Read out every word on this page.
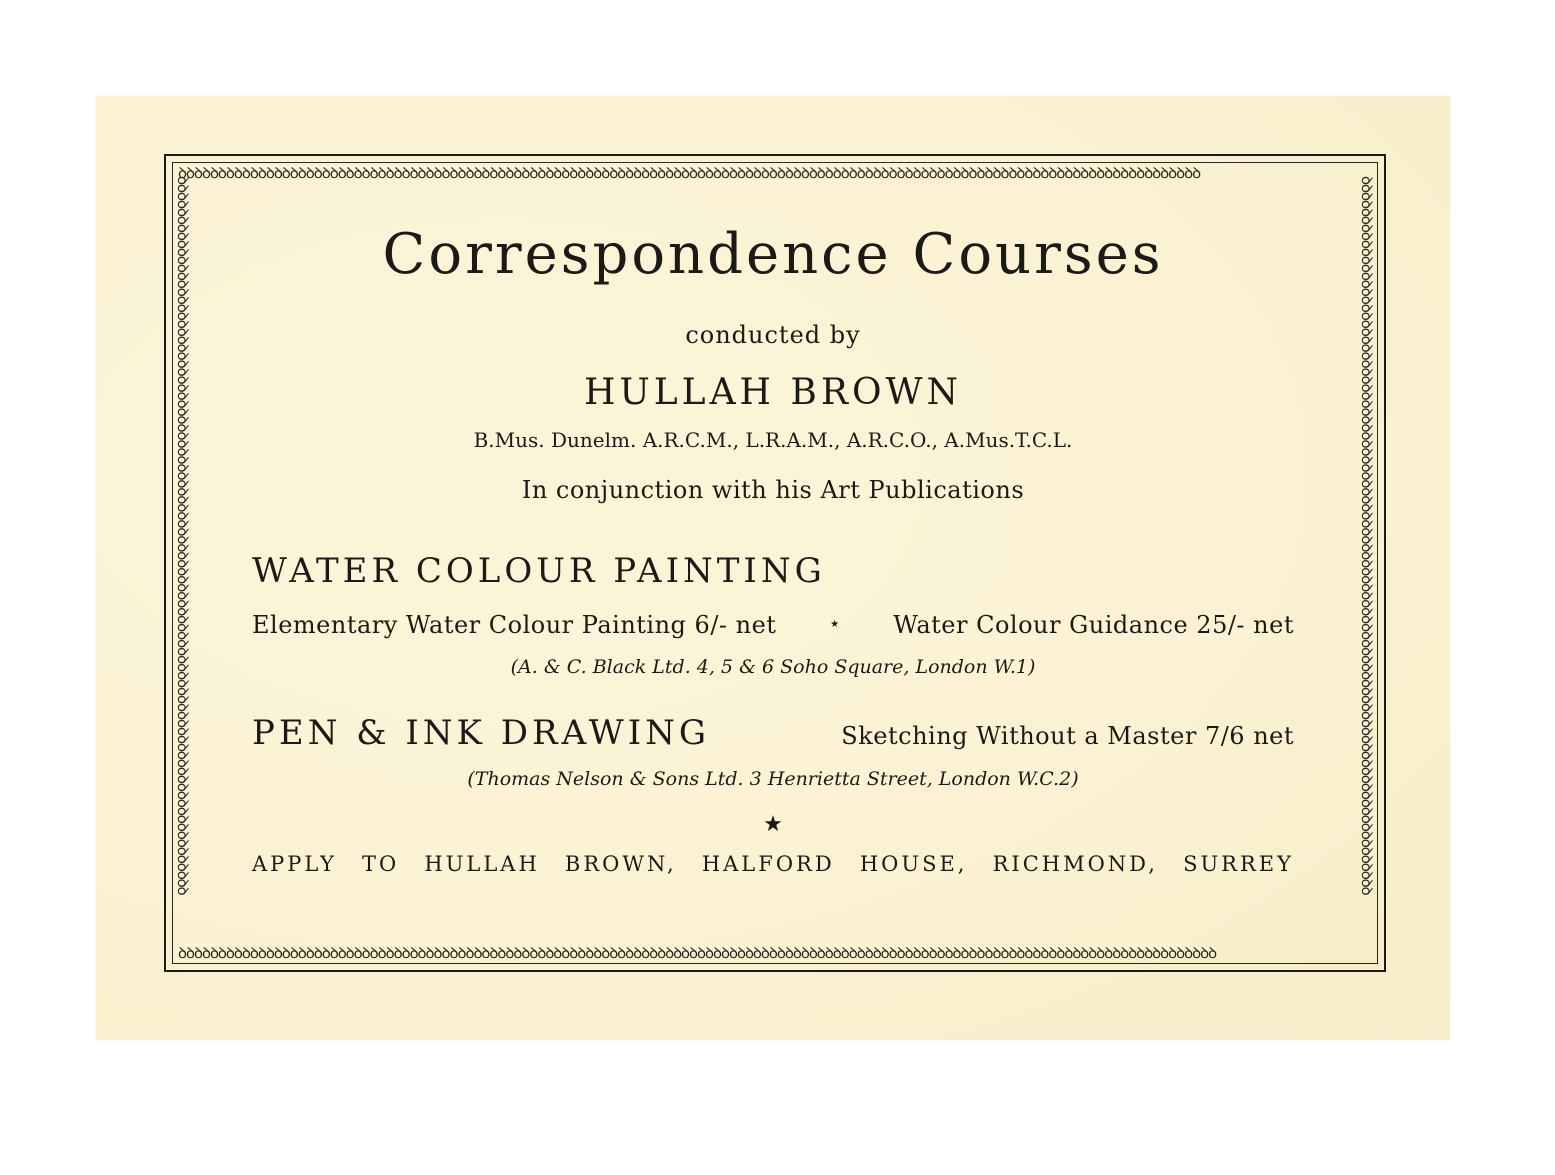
ꝺꝺꝺꝺꝺꝺꝺꝺꝺꝺꝺꝺꝺꝺꝺꝺꝺꝺꝺꝺꝺꝺꝺꝺꝺꝺꝺꝺꝺꝺꝺꝺꝺꝺꝺꝺꝺꝺꝺꝺꝺꝺꝺꝺꝺꝺꝺꝺꝺꝺꝺꝺꝺꝺꝺꝺꝺꝺꝺꝺꝺꝺꝺꝺꝺꝺꝺꝺꝺꝺꝺꝺꝺꝺꝺꝺꝺꝺꝺꝺꝺꝺꝺꝺꝺꝺꝺꝺꝺꝺꝺꝺꝺꝺꝺꝺꝺꝺꝺꝺꝺꝺꝺꝺꝺꝺꝺꝺꝺꝺꝺꝺꝺꝺꝺꝺꝺꝺꝺꝺꝺꝺꝺꝺꝺꝺꝺꝺ
ꝺꝺꝺꝺꝺꝺꝺꝺꝺꝺꝺꝺꝺꝺꝺꝺꝺꝺꝺꝺꝺꝺꝺꝺꝺꝺꝺꝺꝺꝺꝺꝺꝺꝺꝺꝺꝺꝺꝺꝺꝺꝺꝺꝺꝺꝺꝺꝺꝺꝺꝺꝺꝺꝺꝺꝺꝺꝺꝺꝺꝺꝺꝺꝺꝺꝺꝺꝺꝺꝺꝺꝺꝺꝺꝺꝺꝺꝺꝺꝺꝺꝺꝺꝺꝺꝺꝺꝺꝺꝺꝺꝺꝺꝺꝺꝺꝺꝺꝺꝺꝺꝺꝺꝺꝺꝺꝺꝺꝺꝺꝺꝺꝺꝺꝺꝺꝺꝺꝺꝺꝺꝺꝺꝺꝺꝺꝺꝺꝺꝺ
ꝺꝺꝺꝺꝺꝺꝺꝺꝺꝺꝺꝺꝺꝺꝺꝺꝺꝺꝺꝺꝺꝺꝺꝺꝺꝺꝺꝺꝺꝺꝺꝺꝺꝺꝺꝺꝺꝺꝺꝺꝺꝺꝺꝺꝺꝺꝺꝺꝺꝺꝺꝺꝺꝺꝺꝺꝺꝺꝺꝺꝺꝺꝺꝺꝺꝺꝺꝺꝺꝺꝺꝺꝺꝺꝺꝺꝺꝺꝺꝺꝺꝺꝺꝺꝺꝺꝺꝺꝺꝺ	ꝺꝺꝺꝺꝺꝺꝺꝺꝺꝺꝺꝺꝺꝺꝺꝺꝺꝺꝺꝺꝺꝺꝺꝺꝺꝺꝺꝺꝺꝺꝺꝺꝺꝺꝺꝺꝺꝺꝺꝺꝺꝺꝺꝺꝺꝺꝺꝺꝺꝺꝺꝺꝺꝺꝺꝺꝺꝺꝺꝺꝺꝺꝺꝺꝺꝺꝺꝺꝺꝺꝺꝺꝺꝺꝺꝺꝺꝺꝺꝺꝺꝺꝺꝺꝺꝺꝺꝺꝺꝺ
Correspondence Courses
conducted by
HULLAH BROWN
B.Mus. Dunelm. A.R.C.M., L.R.A.M., A.R.C.O., A.Mus.T.C.L.
In conjunction with his Art Publications
WATER COLOUR PAINTING
Elementary Water Colour Painting 6/- net	⋆	Water Colour Guidance 25/- net
(A. & C. Black Ltd. 4, 5 & 6 Soho Square, London W.1)
PEN & INK DRAWING	Sketching Without a Master 7/6 net
(Thomas Nelson & Sons Ltd. 3 Henrietta Street, London W.C.2)
★
APPLY TO HULLAH BROWN, HALFORD HOUSE, RICHMOND, SURREY
